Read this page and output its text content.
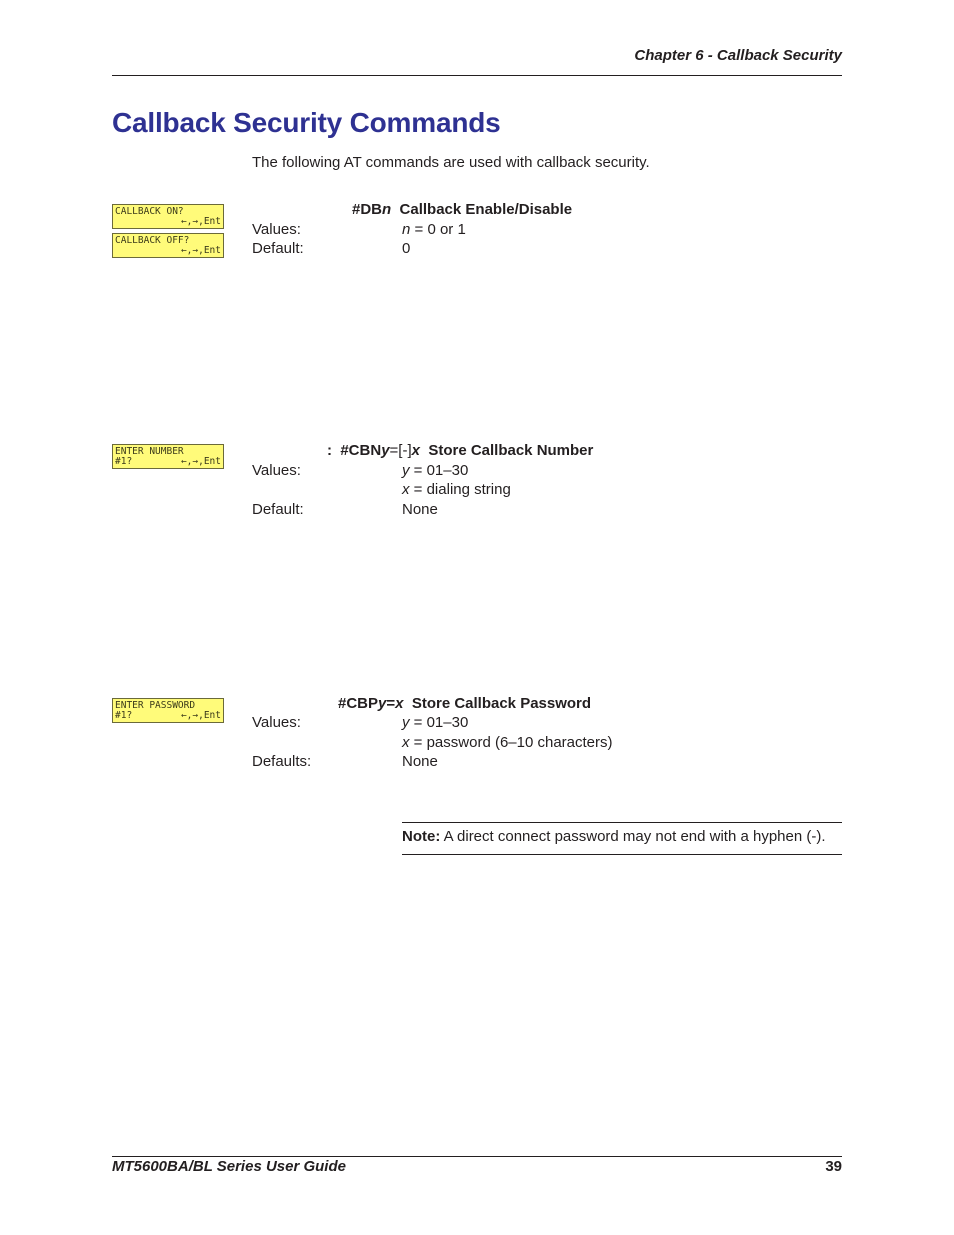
Chapter 6 - Callback Security
Callback Security Commands
The following AT commands are used with callback security.
CALLBACK ON?
←,→,Ent
CALLBACK OFF?
←,→,Ent
#DBn Callback Enable/Disable
Values:	n = 0 or 1
Default:	0
ENTER NUMBER
#1?	←,→,Ent
:  #CBNy=[-]x Store Callback Number
Values:	y = 01–30
x = dialing string
Default:	None
ENTER PASSWORD
#1?	←,→,Ent
#CBPy=x Store Callback Password
Values:	y = 01–30
x = password (6–10 characters)
Defaults:	None
Note: A direct connect password may not end with a hyphen (-).
MT5600BA/BL Series User Guide	39
